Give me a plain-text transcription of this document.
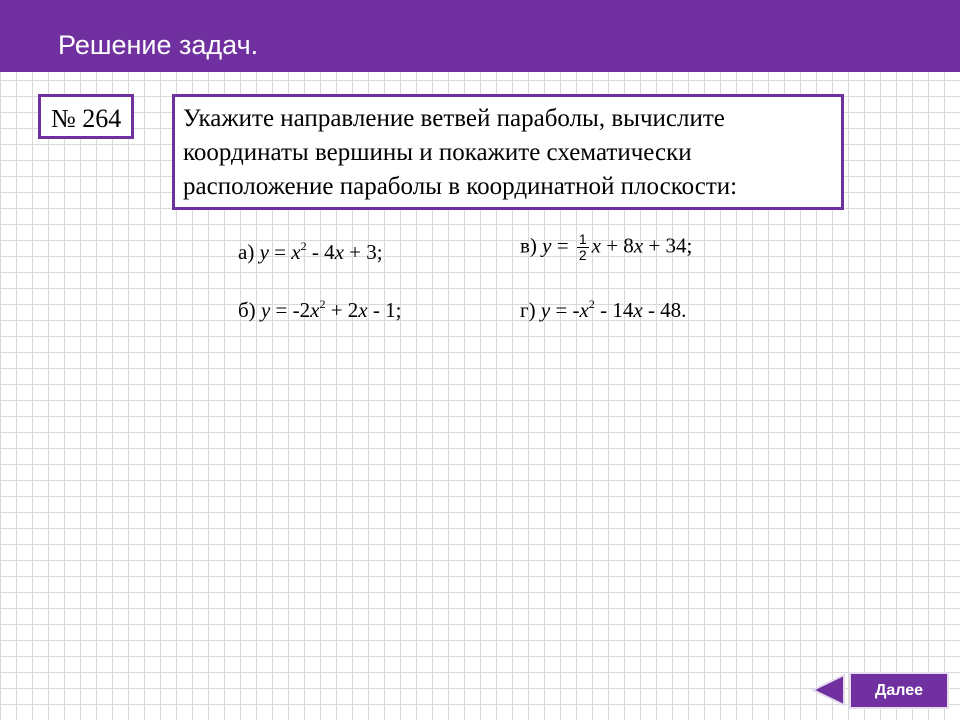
Решение задач.
№ 264 Укажите направление ветвей параболы, вычислите
координаты вершины и покажите схематически
расположение параболы в координатной плоскости:
а) $y = x^2 - 4x + 3$;
б) $y = -2x^2 + 2x - 1$;
в) $y = \frac{1}{2}$ x + 8x + 34;
г) $y = -x^2 - 14x - 48$.
Далее
